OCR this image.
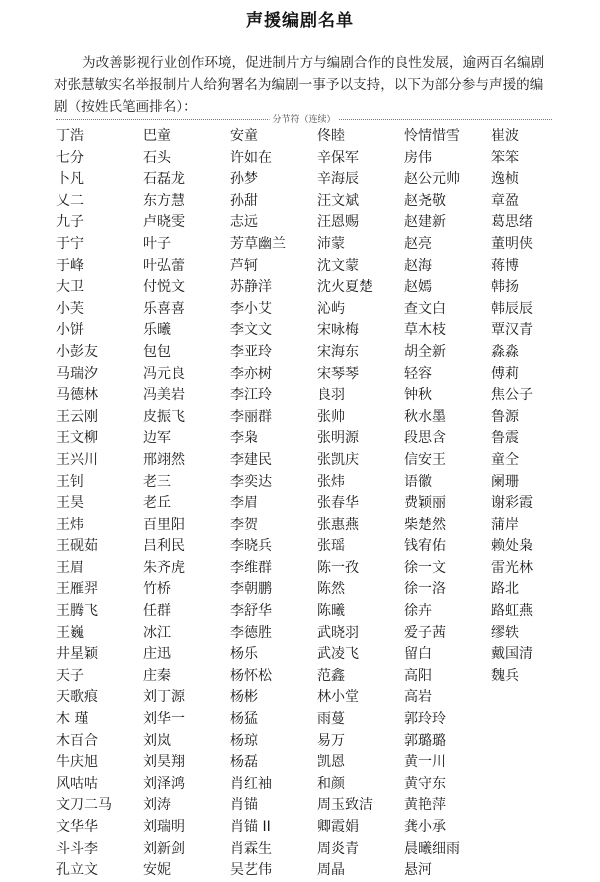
声援编剧名单
为改善影视行业创作环境，促进制片方与编剧合作的良性发展，逾两百名编剧对张慧敏实名举报制片人给狗署名为编剧一事予以支持，以下为部分参与声援的编剧（按姓氏笔画排名）：
分节符（连续）
丁浩
七分
卜凡
乂二
九子
于宁
于峰
大卫
小芙
小饼
小彭友
马瑞汐
马德林
王云刚
王文柳
王兴川
王钊
王昊
王炜
王砚茹
王眉
王雁羿
王腾飞
王巍
井星颖
天子
天歌痕
木 瑾
木百合
牛庆旭
风咕咕
文刀二马
文华华
斗斗李
孔立文
巴童
石头
石磊龙
东方慧
卢晓雯
叶子
叶弘蕾
付悦文
乐喜喜
乐曦
包包
冯元良
冯美岩
皮振飞
边军
邢翊然
老三
老丘
百里阳
吕利民
朱齐虎
竹桥
任群
冰江
庄迅
庄秦
刘丁源
刘华一
刘岚
刘昊翔
刘泽鸿
刘涛
刘瑞明
刘新剑
安妮
安童
许如在
孙梦
孙甜
志远
芳草幽兰
芦轲
苏静洋
李小艾
李文文
李亚玲
李亦树
李江玲
李丽群
李枭
李建民
李奕达
李眉
李贺
李晓兵
李维群
李朝鹏
李舒华
李德胜
杨乐
杨怀松
杨彬
杨猛
杨琼
杨磊
肖红袖
肖锚
肖锚 II
肖霖生
吴艺伟
佟睦
辛保军
辛海辰
汪文斌
汪恩赐
沛蒙
沈文蒙
沈火夏楚
沁屿
宋咏梅
宋海东
宋琴琴
良羽
张帅
张明源
张凯庆
张炜
张春华
张惠燕
张瑶
陈一孜
陈然
陈曦
武晓羽
武凌飞
范鑫
林小堂
雨蔓
易万
凯恩
和颜
周玉致洁
卿霞娟
周炎青
周晶
怜情惜雪
房伟
赵公元帅
赵尧敬
赵建新
赵亮
赵海
赵嫣
查文白
草木枝
胡全新
轻容
钟秋
秋水墨
段思含
信安王
语徽
费颖丽
柴楚然
钱宥佑
徐一文
徐一洛
徐卉
爱子茜
留白
高阳
高岩
郭玲玲
郭璐璐
黄一川
黄守东
黄艳萍
龚小承
晨曦细雨
悬河
崔波
笨笨
逸桢
章盈
葛思绪
董明侠
蒋博
韩扬
韩辰辰
覃汉青
淼淼
傅莉
焦公子
鲁源
鲁震
童仝
阑珊
谢彩霞
蒲岸
赖处枭
雷光林
路北
路虹燕
缪轶
戴国清
魏兵
